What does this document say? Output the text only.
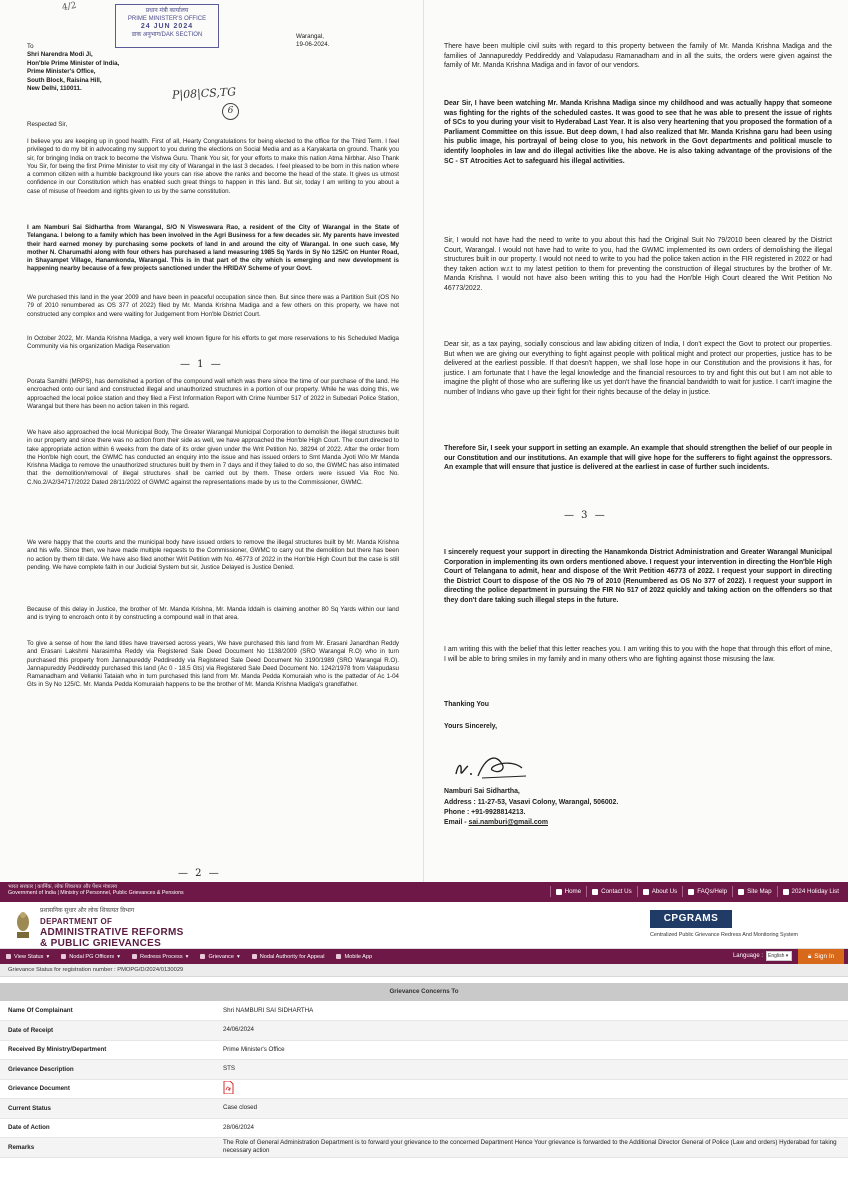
4/2	प्रधान मंत्री कार्यालय
PRIME MINISTER'S OFFICE
24 JUN 2024
डाक अनुभाग/DAK SECTION	Warangal,
19-06-2024.
To
Shri Narendra Modi Ji,
Hon'ble Prime Minister of India,
Prime Minister's Office,
South Block, Raisina Hill,
New Delhi, 110011.	P|08|CS,TG
6
Respected Sir,
I believe you are keeping up in good health. First of all, Hearty Congratulations for being elected to the office for the Third Term. I feel privileged to do my bit in advocating my support to you during the elections on Social Media and as a Karyakarta on ground. Thank you sir, for bringing India on track to become the Vishwa Guru. Thank You sir, for your efforts to make this nation Atma Nirbhar. Also Thank You Sir, for being the first Prime Minister to visit my city of Warangal in the last 3 decades. I feel pleased to be born in this nation where a common citizen with a humble background like yours can rise above the ranks and become the head of the state. It gives us utmost confidence in our Constitution which has enabled such great things to happen in this land. But sir, today I am writing to you about a case of misuse of freedom and rights given to us by the same constitution.
I am Namburi Sai Sidhartha from Warangal, S/O N Visweswara Rao, a resident of the City of Warangal in the State of Telangana. I belong to a family which has been involved in the Agri Business for a few decades sir. My parents have invested their hard earned money by purchasing some pockets of land in and around the city of Warangal. In one such case, My mother N. Charumathi along with four others has purchased a land measuring 1985 Sq Yards in Sy No 125/C on Hunter Road, in Shayampet Village, Hanamkonda, Warangal. This is in that part of the city which is emerging and new development is happening nearby because of a few projects sanctioned under the HRIDAY Scheme of your Govt.
We purchased this land in the year 2009 and have been in peaceful occupation since then. But since there was a Partition Suit (OS No 79 of 2010 renumbered as OS 377 of 2022) filed by Mr. Manda Krishna Madiga and a few others on this property, we have not constructed any complex and were waiting for Judgement from Hon'ble District Court.
In October 2022, Mr. Manda Krishna Madiga, a very well known figure for his efforts to get more reservations to his Scheduled Madiga Community via his organization Madiga Reservation
— 1 —
Porata Samithi (MRPS), has demolished a portion of the compound wall which was there since the time of our purchase of the land. He encroached onto our land and constructed illegal and unauthorized structures in a portion of our property. While he was doing this, we approached the local police station and they filed a First Information Report with Crime Number 517 of 2022 in Subedari Police Station, Warangal but there has been no action taken in this regard.
We have also approached the local Municipal Body, The Greater Warangal Municipal Corporation to demolish the illegal structures built in our property and since there was no action from their side as well, we have approached the Hon'ble High Court. The court directed to take appropriate action within 6 weeks from the date of its order given under the Writ Petition No. 38294 of 2022. After the order from the Hon'ble high court, the GWMC has conducted an enquiry into the issue and has issued orders to Smt Manda Jyoti W/o Mr Manda Krishna Madiga to remove the unauthorized structures built by them in 7 days and if they failed to do so, the GWMC has also intimated that the demolition/removal of illegal structures shall be carried out by them. These orders were issued Via Roc No. C.No.2/A2/34717/2022 Dated 28/11/2022 of GWMC against the representations made by us to the Commissioner, GWMC.
We were happy that the courts and the municipal body have issued orders to remove the illegal structures built by Mr. Manda Krishna and his wife. Since then, we have made multiple requests to the Commissioner, GWMC to carry out the demolition but there has been no action by them till date. We have also filed another Writ Petition with No. 46773 of 2022 in the Hon'ble High Court but the case is still pending. We have complete faith in our Judicial System but sir, Justice Delayed is Justice Denied.
Because of this delay in Justice, the brother of Mr. Manda Krishna, Mr. Manda Iddaih is claiming another 80 Sq Yards within our land and is trying to encroach onto it by constructing a compound wall in that area.
To give a sense of how the land titles have traversed across years, We have purchased this land from Mr. Erasani Janardhan Reddy and Erasani Lakshmi Narasimha Reddy via Registered Sale Deed Document No 1138/2009 (SRO Warangal R.O) who in turn purchased this property from Jannapureddy Peddireddy via Registered Sale Deed Document No 3190/1989 (SRO Warangal R.O). Jannapureddy Peddireddy purchased this land (Ac 0 - 18.5 Gts) via Registered Sale Deed Document No. 1242/1978 from Valapudasu Ramanadham and Vellanki Tataiah who in turn purchased this land from Mr. Manda Pedda Komuraiah who is the pattedar of Ac 1-04 Gts in Sy No 125/C. Mr. Manda Pedda Komuraiah happens to be the brother of Mr. Manda Krishna Madiga's grandfather.
— 2 —
There have been multiple civil suits with regard to this property between the family of Mr. Manda Krishna Madiga and the families of Jannapureddy Peddireddy and Valapudasu Ramanadham and in all the suits, the orders were given against the family of Mr. Manda Krishna Madiga and in favor of our vendors.
Dear Sir, I have been watching Mr. Manda Krishna Madiga since my childhood and was actually happy that someone was fighting for the rights of the scheduled castes. It was good to see that he was able to present the issue of rights of SCs to you during your visit to Hyderabad Last Year. It is also very heartening that you proposed the formation of a Parliament Committee on this issue. But deep down, I had also realized that Mr. Manda Krishna garu had been using his public image, his portrayal of being close to you, his network in the Govt departments and political muscle to identify loopholes in law and do illegal activities like the above. He is also taking advantage of the provisions of the SC - ST Atrocities Act to safeguard his illegal activities.
Sir, I would not have had the need to write to you about this had the Original Suit No 79/2010 been cleared by the District Court, Warangal. I would not have had to write to you, had the GWMC implemented its own orders of demolishing the illegal structures built in our property. I would not need to write to you had the police taken action in the FIR registered in 2022 or had they taken action w.r.t to my latest petition to them for preventing the construction of illegal structures by the brother of Mr. Manda Krishna. I would not have also been writing this to you had the Hon'ble High Court cleared the Writ Petition No 46773/2022.
Dear sir, as a tax paying, socially conscious and law abiding citizen of India, I don't expect the Govt to protect our properties. But when we are giving our everything to fight against people with political might and protect our properties, justice has to be delivered at the earliest possible. If that doesn't happen, we shall lose hope in our Constitution and the provisions it has, for justice. I am fortunate that I have the legal knowledge and the financial resources to try and fight this out but I am not able to imagine the plight of those who are suffering like us yet don't have the financial bandwidth to wait for justice. I can't imagine the number of Indians who gave up their fight for their rights because of the delay in justice.
Therefore Sir, I seek your support in setting an example. An example that should strengthen the belief of our people in our Constitution and our institutions. An example that will give hope for the sufferers to fight against the oppressors. An example that will ensure that justice is delivered at the earliest in case of further such incidents.
— 3 —
I sincerely request your support in directing the Hanamkonda District Administration and Greater Warangal Municipal Corporation in implementing its own orders mentioned above. I request your intervention in directing the Hon'ble High Court of Telangana to admit, hear and dispose of the Writ Petition 46773 of 2022. I request your support in directing the District Court to dispose of the OS No 79 of 2010 (Renumbered as OS No 377 of 2022). I request your support in directing the police department in pursuing the FIR No 517 of 2022 quickly and taking action on the offenders so that they don't dare taking such illegal steps in the future.
I am writing this with the belief that this letter reaches you. I am writing this to you with the hope that through this effort of mine, I will be able to bring smiles in my family and in many others who are fighting against those misusing the law.
Thanking You
Yours Sincerely,
Namburi Sai Sidhartha,
Address : 11-27-53, Vasavi Colony, Warangal, 506002.
Phone : +91-9928814213.
Email - sai.namburi@gmail.com
भारत सरकार | कार्मिक, लोक शिकायत और पेंशन मंत्रालय
Government of India | Ministry of Personnel, Public Grievances & Pensions	Home	Contact Us	About Us	FAQs/Help	Site Map	2024 Holiday List
प्रशासनिक सुधार और लोक शिकायत विभाग
DEPARTMENT OF
ADMINISTRATIVE REFORMS
& PUBLIC GRIEVANCES
CPGRAMS
Centralized Public Grievance Redress And Monitoring System
View Status ▾	Nodal PG Officers ▾	Redress Process ▾	Grievance ▾	Nodal Authority for Appeal	Mobile App	Language :	English ▾	🔒︎ Sign In
Grievance Status for registration number : PMOPG/D/2024/0130029
Grievance Concerns To
Name Of Complainant	Shri NAMBURI SAI SIDHARTHA
Date of Receipt	24/06/2024
Received By Ministry/Department	Prime Minister's Office
Grievance Description	STS
Grievance Document	
Current Status	Case closed
Date of Action	28/06/2024
Remarks	The Role of General Administration Department is to forward your grievance to the concerned Department Hence Your grievance is forwarded to the Additional Director General of Police (Law and orders) Hyderabad for taking necessary action
